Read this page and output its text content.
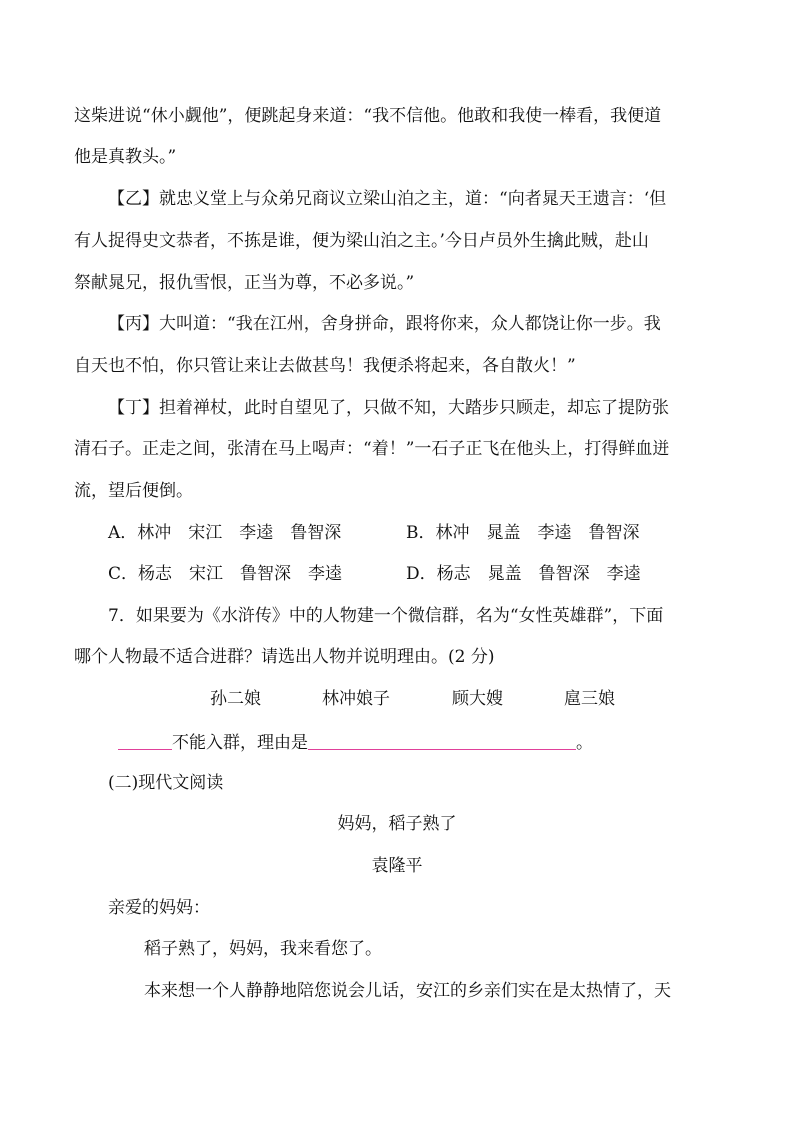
这柴进说“休小觑他”，便跳起身来道：“我不信他。他敢和我使一棒看，我便道
他是真教头。”
【乙】就忠义堂上与众弟兄商议立梁山泊之主，道：“向者晁天王遗言：‘但
有人捉得史文恭者，不拣是谁，便为梁山泊之主。’今日卢员外生擒此贼，赴山
祭献晁兄，报仇雪恨，正当为尊，不必多说。”
【丙】大叫道：“我在江州，舍身拼命，跟将你来，众人都饶让你一步。我
自天也不怕，你只管让来让去做甚鸟！我便杀将起来，各自散火！”
【丁】担着禅杖，此时自望见了，只做不知，大踏步只顾走，却忘了提防张
清石子。正走之间，张清在马上喝声：“着！”一石子正飞在他头上，打得鲜血迸
流，望后便倒。
A．林冲　宋江　李逵　鲁智深	B．林冲　晁盖　李逵　鲁智深
C．杨志　宋江　鲁智深　李逵	D．杨志　晁盖　鲁智深　李逵
7．如果要为《水浒传》中的人物建一个微信群，名为“女性英雄群”，下面
哪个人物最不适合进群？请选出人物并说明理由。(2 分)
孙二娘	林冲娘子	顾大嫂	扈三娘
不能入群，理由是	。
(二)现代文阅读
妈妈，稻子熟了
袁隆平
亲爱的妈妈：
稻子熟了，妈妈，我来看您了。
本来想一个人静静地陪您说会儿话，安江的乡亲们实在是太热情了，天
